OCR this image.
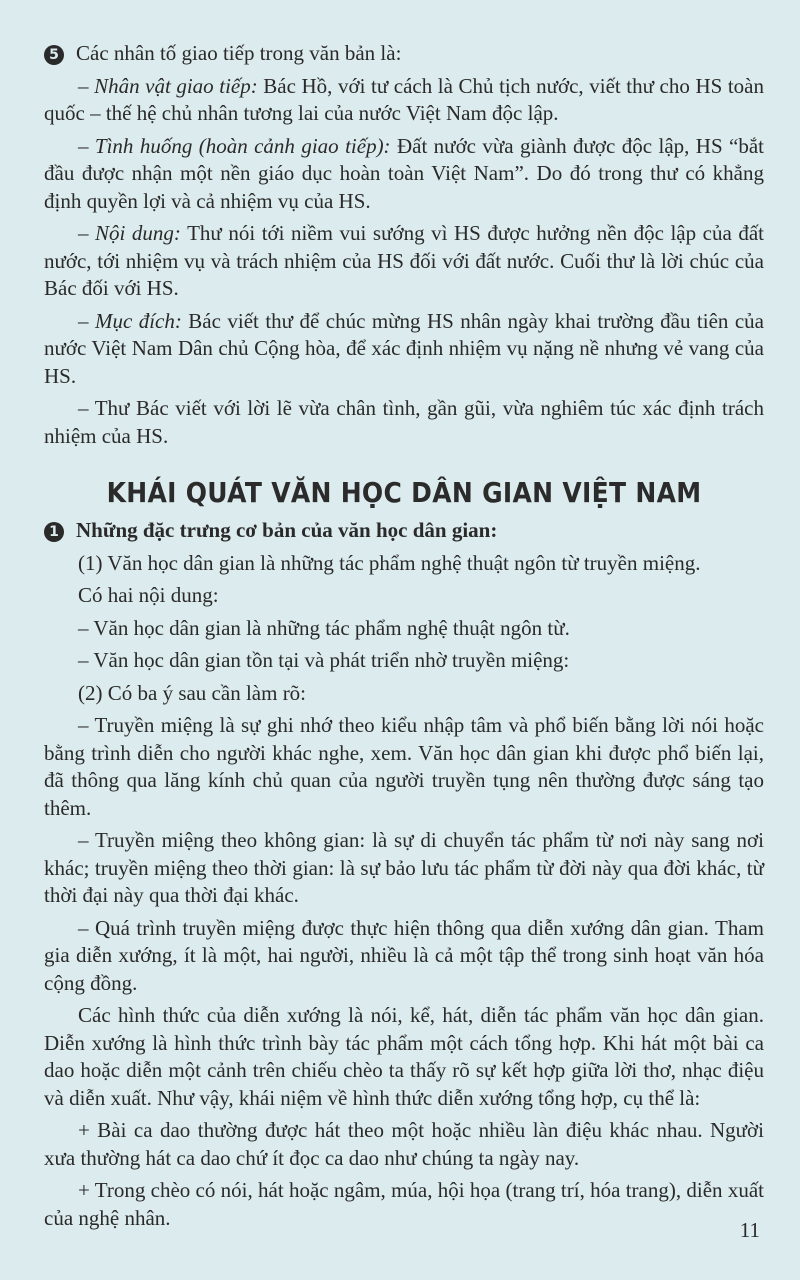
5 Các nhân tố giao tiếp trong văn bản là:

– Nhân vật giao tiếp: Bác Hồ, với tư cách là Chủ tịch nước, viết thư cho HS toàn quốc – thế hệ chủ nhân tương lai của nước Việt Nam độc lập.

– Tình huống (hoàn cảnh giao tiếp): Đất nước vừa giành được độc lập, HS “bắt đầu được nhận một nền giáo dục hoàn toàn Việt Nam”. Do đó trong thư có khẳng định quyền lợi và cả nhiệm vụ của HS.

– Nội dung: Thư nói tới niềm vui sướng vì HS được hưởng nền độc lập của đất nước, tới nhiệm vụ và trách nhiệm của HS đối với đất nước. Cuối thư là lời chúc của Bác đối với HS.

– Mục đích: Bác viết thư để chúc mừng HS nhân ngày khai trường đầu tiên của nước Việt Nam Dân chủ Cộng hòa, để xác định nhiệm vụ nặng nề nhưng vẻ vang của HS.

– Thư Bác viết với lời lẽ vừa chân tình, gần gũi, vừa nghiêm túc xác định trách nhiệm của HS.

KHÁI QUÁT VĂN HỌC DÂN GIAN VIỆT NAM

1 Những đặc trưng cơ bản của văn học dân gian:

(1) Văn học dân gian là những tác phẩm nghệ thuật ngôn từ truyền miệng.

Có hai nội dung:

– Văn học dân gian là những tác phẩm nghệ thuật ngôn từ.

– Văn học dân gian tồn tại và phát triển nhờ truyền miệng:

(2) Có ba ý sau cần làm rõ:

– Truyền miệng là sự ghi nhớ theo kiểu nhập tâm và phổ biến bằng lời nói hoặc bằng trình diễn cho người khác nghe, xem. Văn học dân gian khi được phổ biến lại, đã thông qua lăng kính chủ quan của người truyền tụng nên thường được sáng tạo thêm.

– Truyền miệng theo không gian: là sự di chuyển tác phẩm từ nơi này sang nơi khác; truyền miệng theo thời gian: là sự bảo lưu tác phẩm từ đời này qua đời khác, từ thời đại này qua thời đại khác.

– Quá trình truyền miệng được thực hiện thông qua diễn xướng dân gian. Tham gia diễn xướng, ít là một, hai người, nhiều là cả một tập thể trong sinh hoạt văn hóa cộng đồng.

Các hình thức của diễn xướng là nói, kể, hát, diễn tác phẩm văn học dân gian. Diễn xướng là hình thức trình bày tác phẩm một cách tổng hợp. Khi hát một bài ca dao hoặc diễn một cảnh trên chiếu chèo ta thấy rõ sự kết hợp giữa lời thơ, nhạc điệu và diễn xuất. Như vậy, khái niệm về hình thức diễn xướng tổng hợp, cụ thể là:

+ Bài ca dao thường được hát theo một hoặc nhiều làn điệu khác nhau. Người xưa thường hát ca dao chứ ít đọc ca dao như chúng ta ngày nay.

+ Trong chèo có nói, hát hoặc ngâm, múa, hội họa (trang trí, hóa trang), diễn xuất của nghệ nhân.

11
